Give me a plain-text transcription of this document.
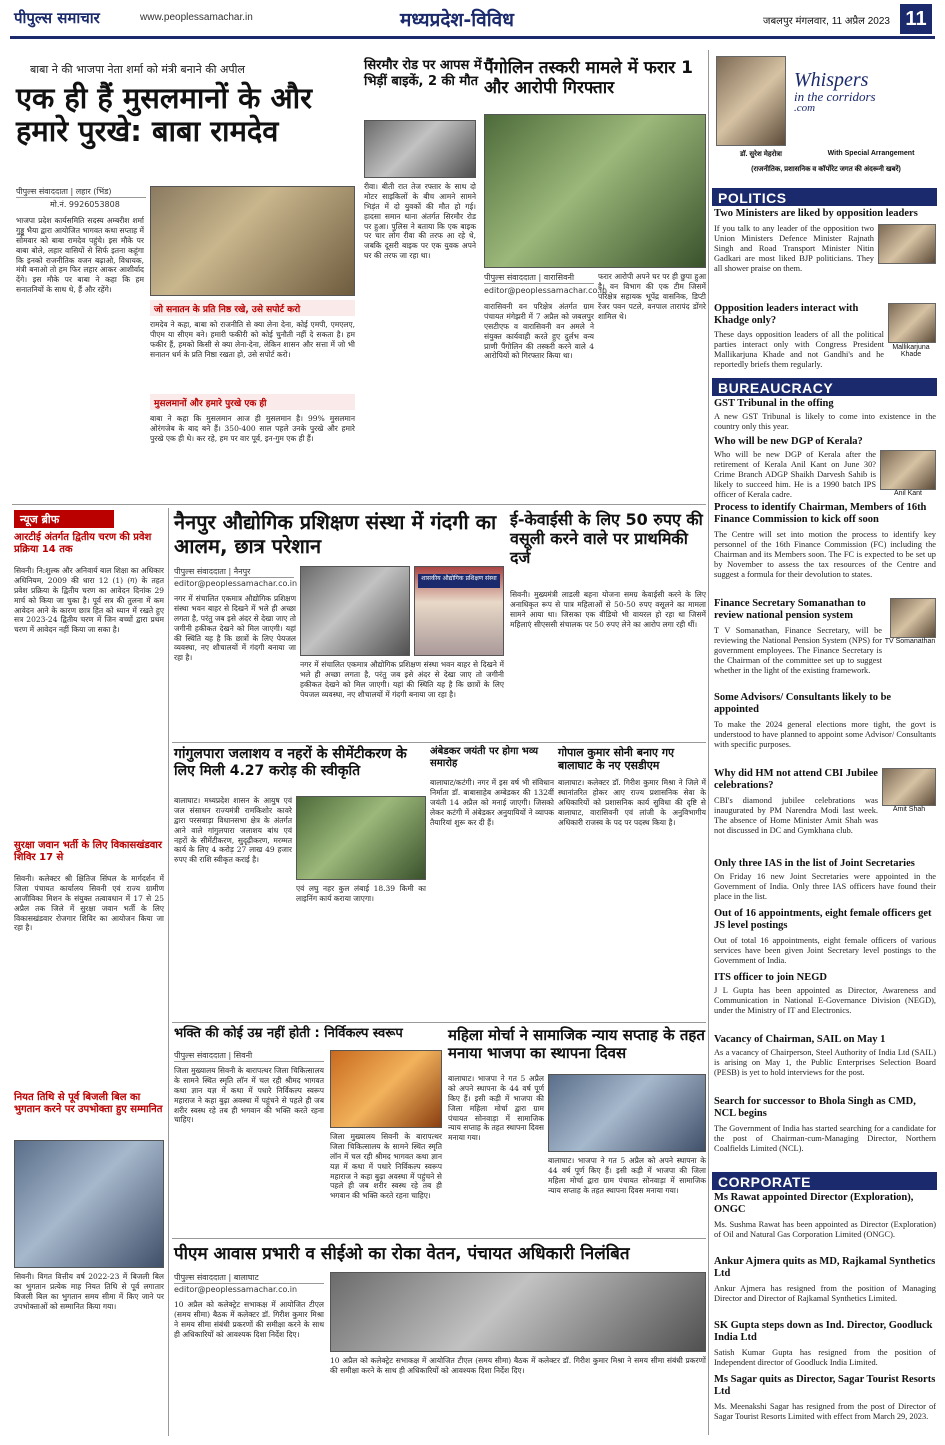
पीपुल्स समाचार	www.peoplessamachar.in	मध्यप्रदेश-विविध	जबलपुर मंगलवार, 11 अप्रैल 2023 11
बाबा ने की भाजपा नेता शर्मा को मंत्री बनाने की अपील
एक ही हैं मुसलमानों के और हमारे पुरखे: बाबा रामदेव
पीपुल्स संवाददाता | लहार (भिंड)
मो.नं. 9926053808
भाजपा प्रदेश कार्यसमिति सदस्य अम्बरीश शर्मा गुड्डू भैया द्वारा आयोजित भागवत कथा सप्ताह में सोमवार को बाबा रामदेव पहुंचे। इस मौके पर बाबा बोले, लहार वासियों से सिर्फ इतना कहूंगा कि इनको राजनीतिक वजन बढ़ाओ, विधायक, मंत्री बनाओ तो हम फिर लहार आकर आशीर्वाद देंगे। इस मौके पर बाबा ने कहा कि हम सनातनियों के साथ थे, हैं और रहेंगे।
जो सनातन के प्रति निष्ठ रखे, उसे सपोर्ट करो
रामदेव ने कहा, बाबा को राजनीति से क्या लेना देना, कोई एमपी, एमएलए, पीएम या सीएम बने। हमारी फकीरी को कोई चुनौती नहीं दे सकता है। हम फकीर हैं, हमको किसी से क्या लेना-देना, लेकिन शासन और सत्ता में जो भी सनातन धर्म के प्रति निष्ठा रखता हो, उसे सपोर्ट करो।
मुसलमानों और हमारे पुरखे एक ही
बाबा ने कहा कि मुसलमान आज ही मुसलमान है। 99% मुसलमान ओरंगजेब के बाद बने हैं। 350-400 साल पहले उनके पुरखे और हमारे पुरखे एक ही थे। कर रहे, हम पर वार पूर्व, इन-गुम एक ही हैं।
सिरमौर रोड पर आपस में भिड़ीं बाइकें, 2 की मौत
रीवा। बीती रात तेज रफ्तार के साथ दो मोटर साइकिलों के बीच आमने सामने भिड़ंत में दो युवकों की मौत हो गई। हादसा समान थाना अंतर्गत सिरमौर रोड पर हुआ। पुलिस ने बताया कि एक बाइक पर चार लोग रीवा की तरफ आ रहे थे, जबकि दूसरी बाइक पर एक युवक अपने घर की तरफ जा रहा था।
पैंगोलिन तस्करी मामले में फरार 1 और आरोपी गिरफ्तार
पीपुल्स संवाददाता | वारासिवनी
editor@peoplessamachar.co.in
वारासिवनी वन परिक्षेत्र अंतर्गत ग्राम पंचायत मंगेझरी में 7 अप्रैल को जबलपुर एसटीएफ व वारासिवनी वन अमले ने संयुक्त कार्यवाही करते हुए दुर्लभ वन्य प्राणी पैंगोलिन की तस्करी करने वाले 4 आरोपियों को गिरफ्तार किया था।
फरार आरोपी अपने घर पर ही छुपा हुआ है। वन विभाग की एक टीम जिसमें परिक्षेत्र सहायक भूपेंद्र वासनिक, डिप्टी रेंजर पवन पटले, वनपाल तारापंद डोंगरे शामिल थे।
Whispers
in the corridors
.com
डॉ. सुरेश मेहरोत्रा	With Special Arrangement
(राजनीतिक, प्रशासनिक व कॉर्पोरेट जगत की अंदरूनी खबरें)
POLITICS
Two Ministers are liked by opposition leaders
If you talk to any leader of the opposition two Union Ministers Defence Minister Rajnath Singh and Road Transport Minister Nitin Gadkari are most liked BJP politicians. They all shower praise on them.
Opposition leaders interact with Khadge only?
Mallikarjuna Khade
These days opposition leaders of all the political parties interact only with Congress President Mallikarjuna Khade and not Gandhi's and he reportedly briefs them regularly.
BUREAUCRACY
GST Tribunal in the offing
A new GST Tribunal is likely to come into existence in the country only this year.
Who will be new DGP of Kerala?
Who will be new DGP of Kerala after the retirement of Kerala Anil Kant on June 30? Crime Branch ADGP Shaikh Darvesh Sahib is likely to succeed him. He is a 1990 batch IPS officer of Kerala cadre.	Anil Kant
Process to identify Chairman, Members of 16th Finance Commission to kick off soon
The Centre will set into motion the process to identify key personnel of the 16th Finance Commission (FC) including the Chairman and its Members soon. The FC is expected to be set up by November to assess the tax resources of the Centre and suggest a formula for their devolution to states.
Finance Secretary Somanathan to review national pension system
TV Somanathan
T V Somanathan, Finance Secretary, will be reviewing the National Pension System (NPS) for government employees. The Finance Secretary is the Chairman of the committee set up to suggest whether in the light of the existing framework.
Some Advisors/ Consultants likely to be appointed
To make the 2024 general elections more tight, the govt is understood to have planned to appoint some Advisor/ Consultants with specific purposes.
Why did HM not attend CBI Jubilee celebrations?
Amit Shah
CBI's diamond jubilee celebrations was inaugurated by PM Narendra Modi last week. The absence of Home Minister Amit Shah was not discussed in DC and Gymkhana club.
Only three IAS in the list of Joint Secretaries
On Friday 16 new Joint Secretaries were appointed in the Government of India. Only three IAS officers have found their place in the list.
Out of 16 appointments, eight female officers get JS level postings
Out of total 16 appointments, eight female officers of various services have been given Joint Secretary level postings to the Government of India.
ITS officer to join NEGD
J L Gupta has been appointed as Director, Awareness and Communication in National E-Governance Division (NEGD), under the Ministry of IT and Electronics.
Vacancy of Chairman, SAIL on May 1
As a vacancy of Chairperson, Steel Authority of India Ltd (SAIL) is arising on May 1, the Public Enterprises Selection Board (PESB) is yet to hold interviews for the post.
Search for successor to Bhola Singh as CMD, NCL begins
The Government of India has started searching for a candidate for the post of Chairman-cum-Managing Director, Northern Coalfields Limited (NCL).
CORPORATE
Ms Rawat appointed Director (Exploration), ONGC
Ms. Sushma Rawat has been appointed as Director (Exploration) of Oil and Natural Gas Corporation Limited (ONGC).
Ankur Ajmera quits as MD, Rajkamal Synthetics Ltd
Ankur Ajmera has resigned from the position of Managing Director and Director of Rajkamal Synthetics Limited.
SK Gupta steps down as Ind. Director, Goodluck India Ltd
Satish Kumar Gupta has resigned from the position of Independent director of Goodluck India Limited.
Ms Sagar quits as Director, Sagar Tourist Resorts Ltd
Ms. Meenakshi Sagar has resigned from the post of Director of Sagar Tourist Resorts Limited with effect from March 29, 2023.
न्यूज ब्रीफ
आरटीई अंतर्गत द्वितीय चरण की प्रवेश प्रक्रिया 14 तक
सिवनी। नि:शुल्क और अनिवार्य बाल शिक्षा का अधिकार अधिनियम, 2009 की धारा 12 (1) (ग) के तहत प्रवेश प्रक्रिया के द्वितीय चरण का आवेदन दिनांक 29 मार्च को किया जा चुका है। पूर्व सत्र की तुलना में कम आवेदन आने के कारण छात्र हित को ध्यान में रखते हुए सत्र 2023-24 द्वितीय चरण में जिन बच्चों द्वारा प्रथम चरण में आवेदन नहीं किया जा सका है।
सुरक्षा जवान भर्ती के लिए विकासखंडवार शिविर 17 से
सिवनी। कलेक्टर श्री क्षितिज सिंघल के मार्गदर्शन में जिला पंचायत कार्यालय सिवनी एवं राज्य ग्रामीण आजीविका मिशन के संयुक्त तत्वावधान में 17 से 25 अप्रैल तक जिले में सुरक्षा जवान भर्ती के लिए विकासखंडवार रोजगार शिविर का आयोजन किया जा रहा है।
नियत तिथि से पूर्व बिजली बिल का भुगतान करने पर उपभोक्ता हुए सम्मानित
सिवनी। विगत वित्तीय वर्ष 2022-23 में बिजली बिल का भुगतान प्रत्येक माह नियत तिथि से पूर्व लगातार बिजली बिल का भुगतान समय सीमा में किए जाने पर उपभोक्ताओं को सम्मानित किया गया।
नैनपुर औद्योगिक प्रशिक्षण संस्था में गंदगी का आलम, छात्र परेशान
पीपुल्स संवाददाता | नैनपुर
editor@peoplessamachar.co.in
शासकीय औद्योगिक प्रशिक्षण संस्था
नगर में संचालित एकमात्र औद्योगिक प्रशिक्षण संस्था भवन बाहर से दिखने में भले ही अच्छा लगता है, परंतु जब इसे अंदर से देखा जाए तो जगीनी हकीकत देखने को मिल जाएगी। यहां की स्थिति यह है कि छात्रों के लिए पेयजल व्यवस्था, नए शौचालयों में गंदगी बनाया जा रहा है।
नगर में संचालित एकमात्र औद्योगिक प्रशिक्षण संस्था भवन बाहर से दिखने में भले ही अच्छा लगता है, परंतु जब इसे अंदर से देखा जाए तो जगीनी हकीकत देखने को मिल जाएगी। यहां की स्थिति यह है कि छात्रों के लिए पेयजल व्यवस्था, नए शौचालयों में गंदगी बनाया जा रहा है।
ई-केवाईसी के लिए 50 रुपए की वसूली करने वाले पर प्राथमिकी दर्ज
सिवनी। मुख्यमंत्री लाडली बहना योजना समग्र केवाईसी करने के लिए अनाधिकृत रूप से पात्र महिलाओं से 50-50 रुपए वसूलने का मामला सामने आया था। जिसका एक वीडियो भी वायरल हो रहा था जिसमें महिलाएं सीएससी संचालक पर 50 रुपए लेने का आरोप लगा रही थीं।
गांगुलपारा जलाशय व नहरों के सीमेंटीकरण के लिए मिली 4.27 करोड़ की स्वीकृति
बालाघाट। मध्यप्रदेश शासन के आयुष एवं जल संसाधन राज्यमंत्री रामकिशोर कावरे द्वारा परसवाड़ा विधानसभा क्षेत्र के अंतर्गत आने वाले गांगुलपारा जलाशय बांध एवं नहरों के सीमेंटीकरण, सुदृढ़ीकरण, मरम्मत कार्य के लिए 4 करोड़ 27 लाख 49 हजार रुपए की राशि स्वीकृत कराई है।
एवं लघु नहर कुल लंबाई 18.39 किमी का लाइनिंग कार्य कराया जाएगा।
अंबेडकर जयंती पर होगा भव्य समारोह
बालाघाट/कटंगी। नगर में इस वर्ष भी संविधान निर्माता डॉ. बाबासाहेब अम्बेडकर की 132वीं जयंती 14 अप्रैल को मनाई जाएगी। जिसको लेकर कटंगी में अंबेडकर अनुयायियों ने व्यापक तैयारियां शुरू कर दी हैं।
गोपाल कुमार सोनी बनाए गए बालाघाट के नए एसडीएम
बालाघाट। कलेक्टर डॉ. गिरीश कुमार मिश्रा ने जिले में स्थानांतरित होकर आए राज्य प्रशासनिक सेवा के अधिकारियों को प्रशासनिक कार्य सुविधा की दृष्टि से बालाघाट, वारासिवनी एवं लांजी के अनुविभागीय अधिकारी राजस्व के पद पर पदस्थ किया है।
भक्ति की कोई उम्र नहीं होती : निर्विकल्प स्वरूप
पीपुल्स संवाददाता | सिवनी
जिला मुख्यालय सिवनी के बारापत्थर जिला चिकित्सालय के सामने स्थित स्मृति लॉन में चल रही श्रीमद भागवत कथा ज्ञान यज्ञ में कथा में पधारे निर्विकल्प स्वरूप महाराज ने कहा बुढ़ा अवस्था में पहुंचने से पहले ही जब शरीर स्वस्थ रहे तब ही भगवान की भक्ति करते रहना चाहिए।
जिला मुख्यालय सिवनी के बारापत्थर जिला चिकित्सालय के सामने स्थित स्मृति लॉन में चल रही श्रीमद भागवत कथा ज्ञान यज्ञ में कथा में पधारे निर्विकल्प स्वरूप महाराज ने कहा बुढ़ा अवस्था में पहुंचने से पहले ही जब शरीर स्वस्थ रहे तब ही भगवान की भक्ति करते रहना चाहिए।
महिला मोर्चा ने सामाजिक न्याय सप्ताह के तहत मनाया भाजपा का स्थापना दिवस
बालाघाट। भाजपा ने गत 5 अप्रैल को अपने स्थापना के 44 वर्ष पूर्ण किए हैं। इसी कड़ी में भाजपा की जिला महिला मोर्चा द्वारा ग्राम पंचायत सोनवाड़ा में सामाजिक न्याय सप्ताह के तहत स्थापना दिवस मनाया गया।
बालाघाट। भाजपा ने गत 5 अप्रैल को अपने स्थापना के 44 वर्ष पूर्ण किए हैं। इसी कड़ी में भाजपा की जिला महिला मोर्चा द्वारा ग्राम पंचायत सोनवाड़ा में सामाजिक न्याय सप्ताह के तहत स्थापना दिवस मनाया गया।
पीएम आवास प्रभारी व सीईओ का रोका वेतन, पंचायत अधिकारी निलंबित
पीपुल्स संवाददाता | बालाघाट
editor@peoplessamachar.co.in
10 अप्रैल को कलेक्ट्रेट सभाकक्ष में आयोजित टीएल (समय सीमा) बैठक में कलेक्टर डॉ. गिरीश कुमार मिश्रा ने समय सीमा संबंधी प्रकरणों की समीक्षा करने के साथ ही अधिकारियों को आवश्यक दिशा निर्देश दिए।
10 अप्रैल को कलेक्ट्रेट सभाकक्ष में आयोजित टीएल (समय सीमा) बैठक में कलेक्टर डॉ. गिरीश कुमार मिश्रा ने समय सीमा संबंधी प्रकरणों की समीक्षा करने के साथ ही अधिकारियों को आवश्यक दिशा निर्देश दिए।
